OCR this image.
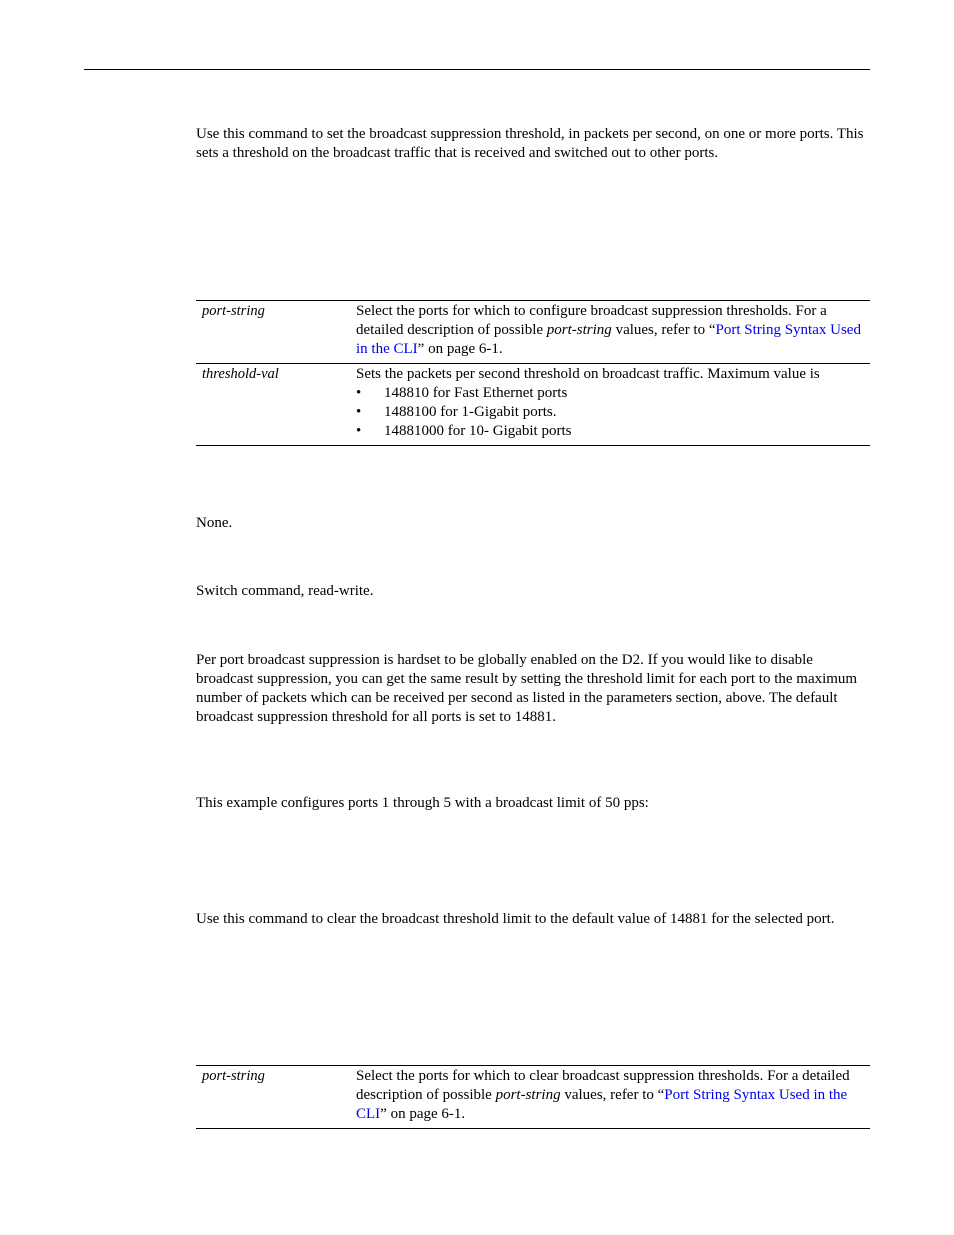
Use this command to set the broadcast suppression threshold, in packets per second, on one or more ports. This sets a threshold on the broadcast traffic that is received and switched out to other ports.

port-string	Select the ports for which to configure broadcast suppression thresholds. For a detailed description of possible port-string values, refer to “Port String Syntax Used in the CLI” on page 6-1.
threshold-val	Sets the packets per second threshold on broadcast traffic. Maximum value is
• 148810 for Fast Ethernet ports
• 1488100 for 1-Gigabit ports.
• 14881000 for 10- Gigabit ports

None.

Switch command, read-write.

Per port broadcast suppression is hardset to be globally enabled on the D2. If you would like to disable broadcast suppression, you can get the same result by setting the threshold limit for each port to the maximum number of packets which can be received per second as listed in the parameters section, above. The default broadcast suppression threshold for all ports is set to 14881.

This example configures ports 1 through 5 with a broadcast limit of 50 pps:

Use this command to clear the broadcast threshold limit to the default value of 14881 for the selected port.

port-string	Select the ports for which to clear broadcast suppression thresholds. For a detailed description of possible port-string values, refer to “Port String Syntax Used in the CLI” on page 6-1.
